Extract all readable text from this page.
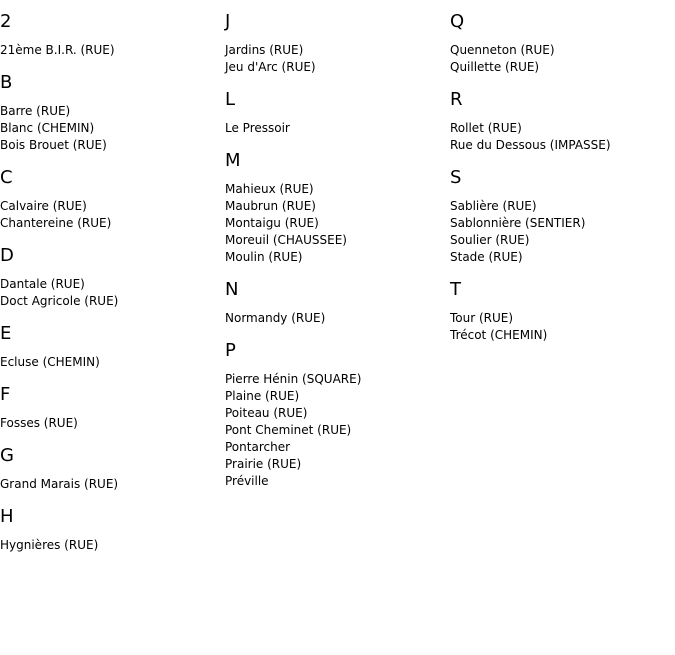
2
21ème B.I.R. (RUE)
B
Barre (RUE)
Blanc (CHEMIN)
Bois Brouet (RUE)
C
Calvaire (RUE)
Chantereine (RUE)
D
Dantale (RUE)
Doct Agricole (RUE)
E
Ecluse (CHEMIN)
F
Fosses (RUE)
G
Grand Marais (RUE)
H
Hygnières (RUE)
J
Jardins (RUE)
Jeu d'Arc (RUE)
L
Le Pressoir
M
Mahieux (RUE)
Maubrun (RUE)
Montaigu (RUE)
Moreuil (CHAUSSEE)
Moulin (RUE)
N
Normandy (RUE)
P
Pierre Hénin (SQUARE)
Plaine (RUE)
Poiteau (RUE)
Pont Cheminet (RUE)
Pontarcher
Prairie (RUE)
Préville
Q
Quenneton (RUE)
Quillette (RUE)
R
Rollet (RUE)
Rue du Dessous (IMPASSE)
S
Sablière (RUE)
Sablonnière (SENTIER)
Soulier (RUE)
Stade (RUE)
T
Tour (RUE)
Trécot (CHEMIN)
